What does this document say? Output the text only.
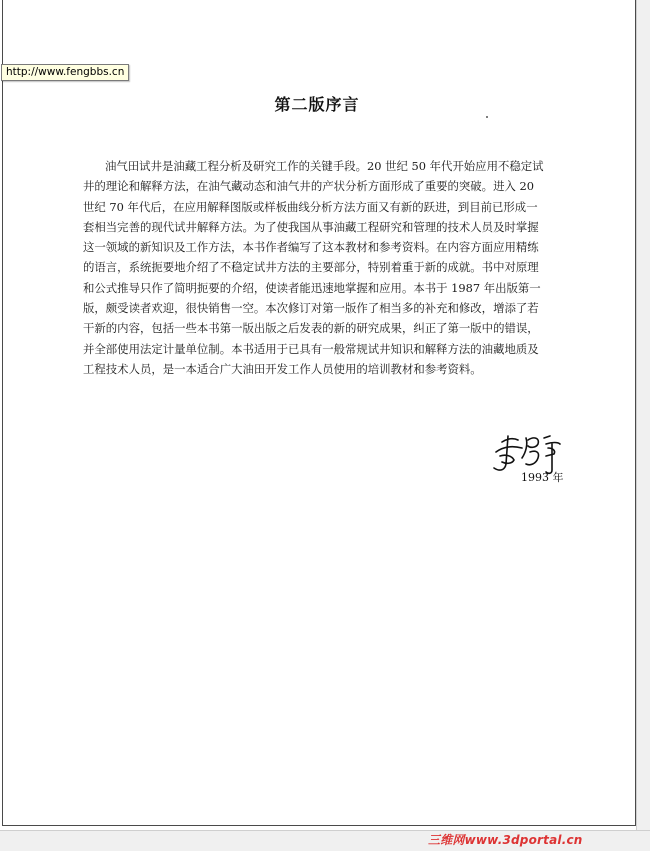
http://www.fengbbs.cn
第二版序言
油气田试井是油藏工程分析及研究工作的关键手段。20 世纪 50 年代开始应用不稳定试
井的理论和解释方法，在油气藏动态和油气井的产状分析方面形成了重要的突破。进入 20
世纪 70 年代后，在应用解释图版或样板曲线分析方法方面又有新的跃进，到目前已形成一
套相当完善的现代试井解释方法。为了使我国从事油藏工程研究和管理的技术人员及时掌握
这一领域的新知识及工作方法，本书作者编写了这本教材和参考资料。在内容方面应用精练
的语言，系统扼要地介绍了不稳定试井方法的主要部分，特别着重于新的成就。书中对原理
和公式推导只作了简明扼要的介绍，使读者能迅速地掌握和应用。本书于 1987 年出版第一
版，颇受读者欢迎，很快销售一空。本次修订对第一版作了相当多的补充和修改，增添了若
干新的内容，包括一些本书第一版出版之后发表的新的研究成果，纠正了第一版中的错误，
并全部使用法定计量单位制。本书适用于已具有一般常规试井知识和解释方法的油藏地质及
工程技术人员，是一本适合广大油田开发工作人员使用的培训教材和参考资料。
1993 年
三维网www.3dportal.cn
